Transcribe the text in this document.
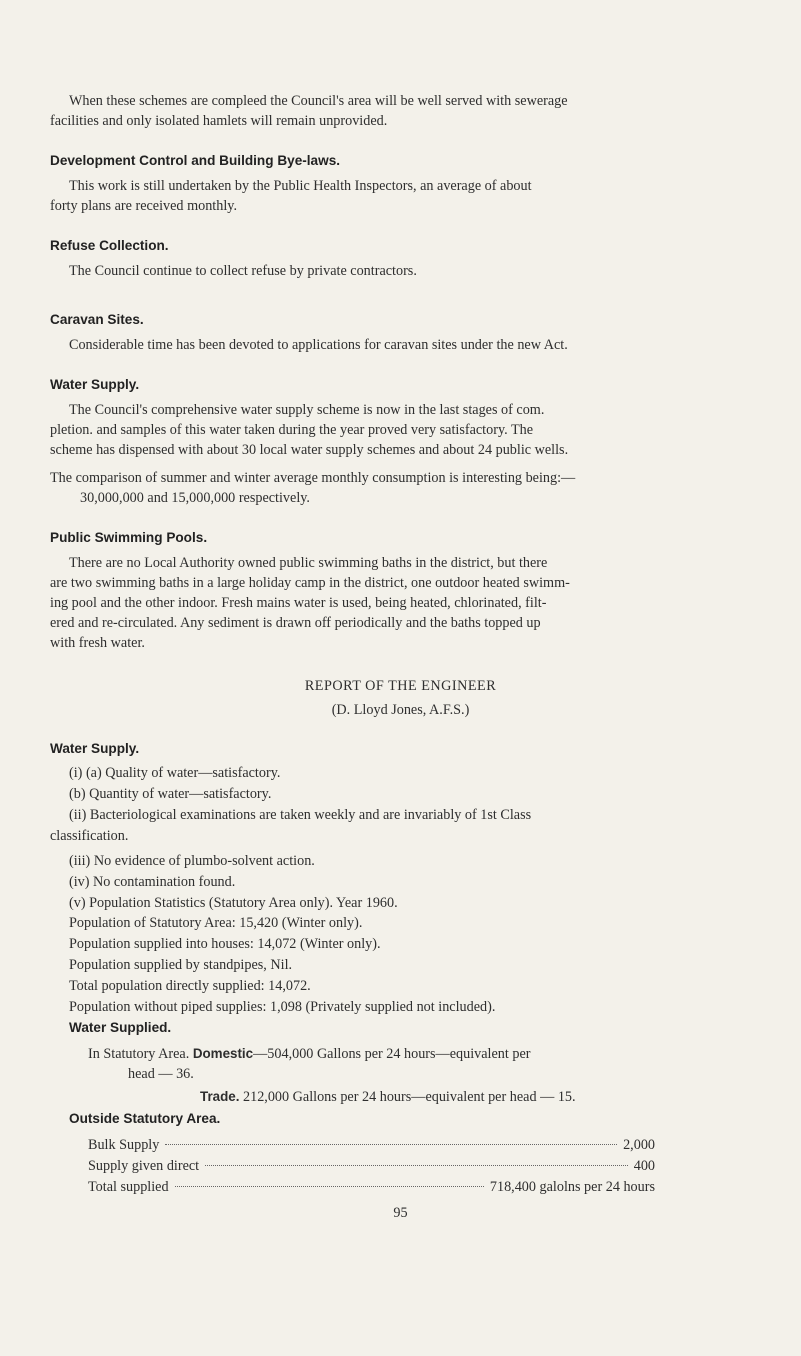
When these schemes are compleed the Council's area will be well served with sewerage
facilities and only isolated hamlets will remain unprovided.
Development Control and Building Bye-laws.
This work is still undertaken by the Public Health Inspectors, an average of about
forty plans are received monthly.
Refuse Collection.
The Council continue to collect refuse by private contractors.
Caravan Sites.
Considerable time has been devoted to applications for caravan sites under the new Act.
Water Supply.
The Council's comprehensive water supply scheme is now in the last stages of com.
pletion. and samples of this water taken during the year proved very satisfactory. The
scheme has dispensed with about 30 local water supply schemes and about 24 public wells.
The comparison of summer and winter average monthly consumption is interesting being:—
30,000,000 and 15,000,000 respectively.
Public Swimming Pools.
There are no Local Authority owned public swimming baths in the district, but there
are two swimming baths in a large holiday camp in the district, one outdoor heated swimm-
ing pool and the other indoor. Fresh mains water is used, being heated, chlorinated, filt-
ered and re-circulated. Any sediment is drawn off periodically and the baths topped up
with fresh water.
REPORT OF THE ENGINEER
(D. Lloyd Jones, A.F.S.)
Water Supply.
(i) (a) Quality of water—satisfactory.
(b) Quantity of water—satisfactory.
(ii) Bacteriological examinations are taken weekly and are invariably of 1st Class
classification.
(iii) No evidence of plumbo-solvent action.
(iv) No contamination found.
(v) Population Statistics (Statutory Area only). Year 1960.
Population of Statutory Area: 15,420 (Winter only).
Population supplied into houses: 14,072 (Winter only).
Population supplied by standpipes, Nil.
Total population directly supplied: 14,072.
Population without piped supplies: 1,098 (Privately supplied not included).
Water Supplied.
In Statutory Area. Domestic—504,000 Gallons per 24 hours—equivalent per
head — 36.
Trade. 212,000 Gallons per 24 hours—equivalent per head — 15.
Outside Statutory Area.
Bulk Supply	2,000
Supply given direct	400
Total supplied	718,400 galolns per 24 hours
95
